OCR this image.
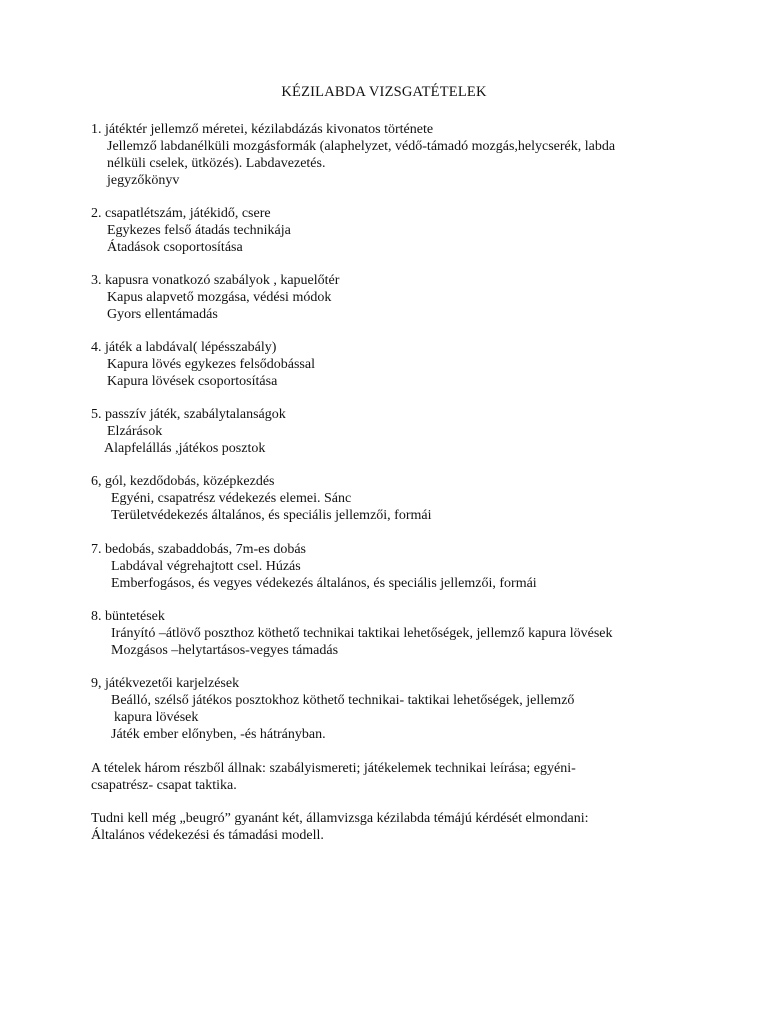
KÉZILABDA VIZSGATÉTELEK
1. játéktér jellemző méretei, kézilabdázás kivonatos története
Jellemző labdanélküli mozgásformák (alaphelyzet, védő-támadó mozgás,helycserék, labda
nélküli cselek, ütközés). Labdavezetés.
jegyzőkönyv
2. csapatlétszám, játékidő, csere
Egykezes felső átadás technikája
Átadások csoportosítása
3. kapusra vonatkozó szabályok , kapuelőtér
Kapus alapvető mozgása, védési módok
Gyors ellentámadás
4. játék a labdával( lépésszabály)
Kapura lövés egykezes felsődobással
Kapura lövések csoportosítása
5. passzív játék, szabálytalanságok
Elzárások
Alapfelállás ,játékos posztok
6, gól, kezdődobás, középkezdés
Egyéni, csapatrész védekezés elemei. Sánc
Területvédekezés általános, és speciális jellemzői, formái
7. bedobás, szabaddobás, 7m-es dobás
Labdával végrehajtott csel. Húzás
Emberfogásos, és vegyes védekezés általános, és speciális jellemzői, formái
8. büntetések
Irányító –átlövő poszthoz köthető technikai taktikai lehetőségek, jellemző kapura lövések
Mozgásos –helytartásos-vegyes támadás
9, játékvezetői karjelzések
Beálló, szélső játékos posztokhoz köthető technikai- taktikai lehetőségek, jellemző
kapura lövések
Játék ember előnyben, -és hátrányban.
A tételek három részből állnak: szabályismereti; játékelemek technikai leírása; egyéni-
csapatrész- csapat taktika.
Tudni kell még „beugró” gyanánt két, államvizsga kézilabda témájú kérdését elmondani:
Általános védekezési és támadási modell.
